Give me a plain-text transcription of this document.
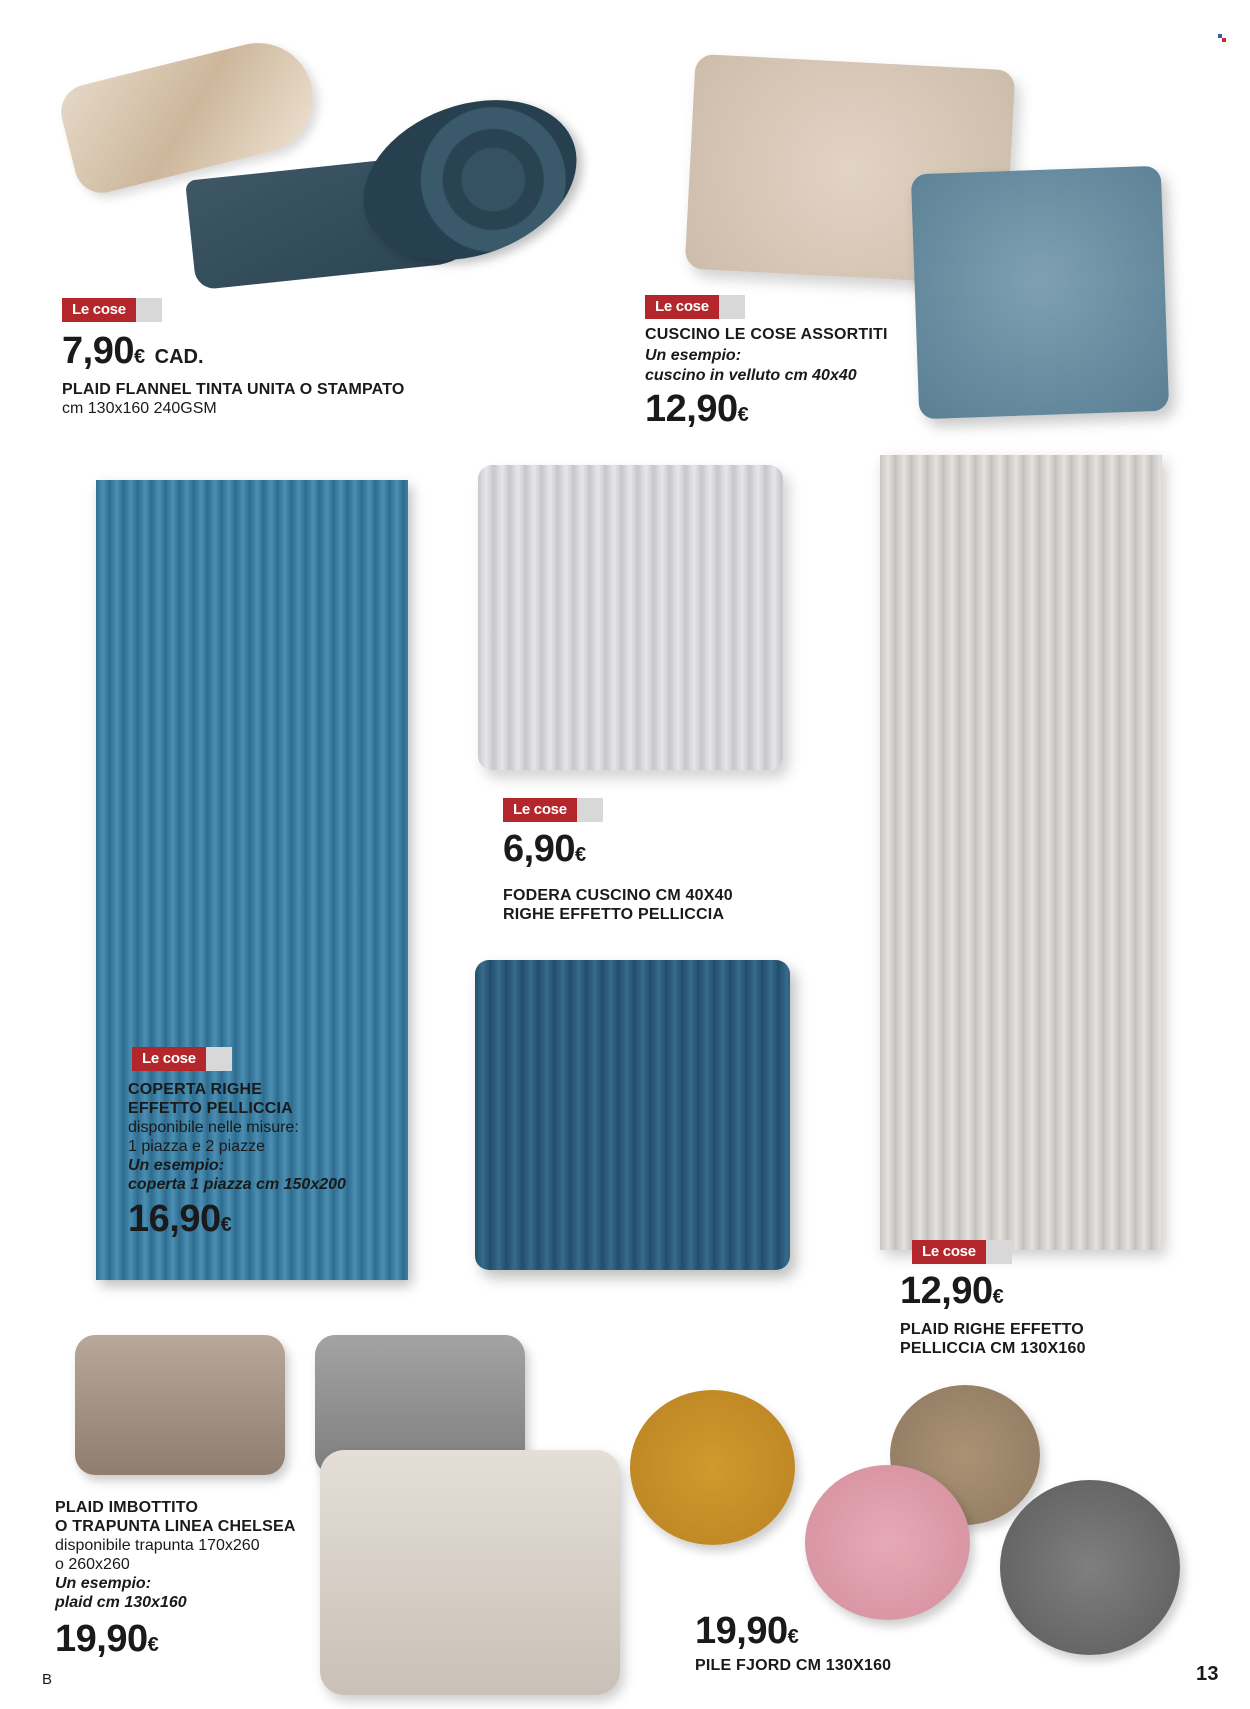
Le cose
7,90€ CAD.
PLAID FLANNEL TINTA UNITA O STAMPATO
cm 130x160 240GSM
Le cose
CUSCINO LE COSE ASSORTITI
Un esempio:
cuscino in velluto cm 40x40
12,90€
Le cose
6,90€
FODERA CUSCINO CM 40X40
RIGHE EFFETTO PELLICCIA
Le cose
COPERTA RIGHE
EFFETTO PELLICCIA
disponibile nelle misure:
1 piazza e 2 piazze
Un esempio:
coperta 1 piazza cm 150x200
16,90€
Le cose
12,90€
PLAID RIGHE EFFETTO
PELLICCIA CM 130X160
PLAID IMBOTTITO
O TRAPUNTA LINEA CHELSEA
disponibile trapunta 170x260
o 260x260
Un esempio:
plaid cm 130x160
19,90€	19,90€
PILE FJORD CM 130X160
B	13
